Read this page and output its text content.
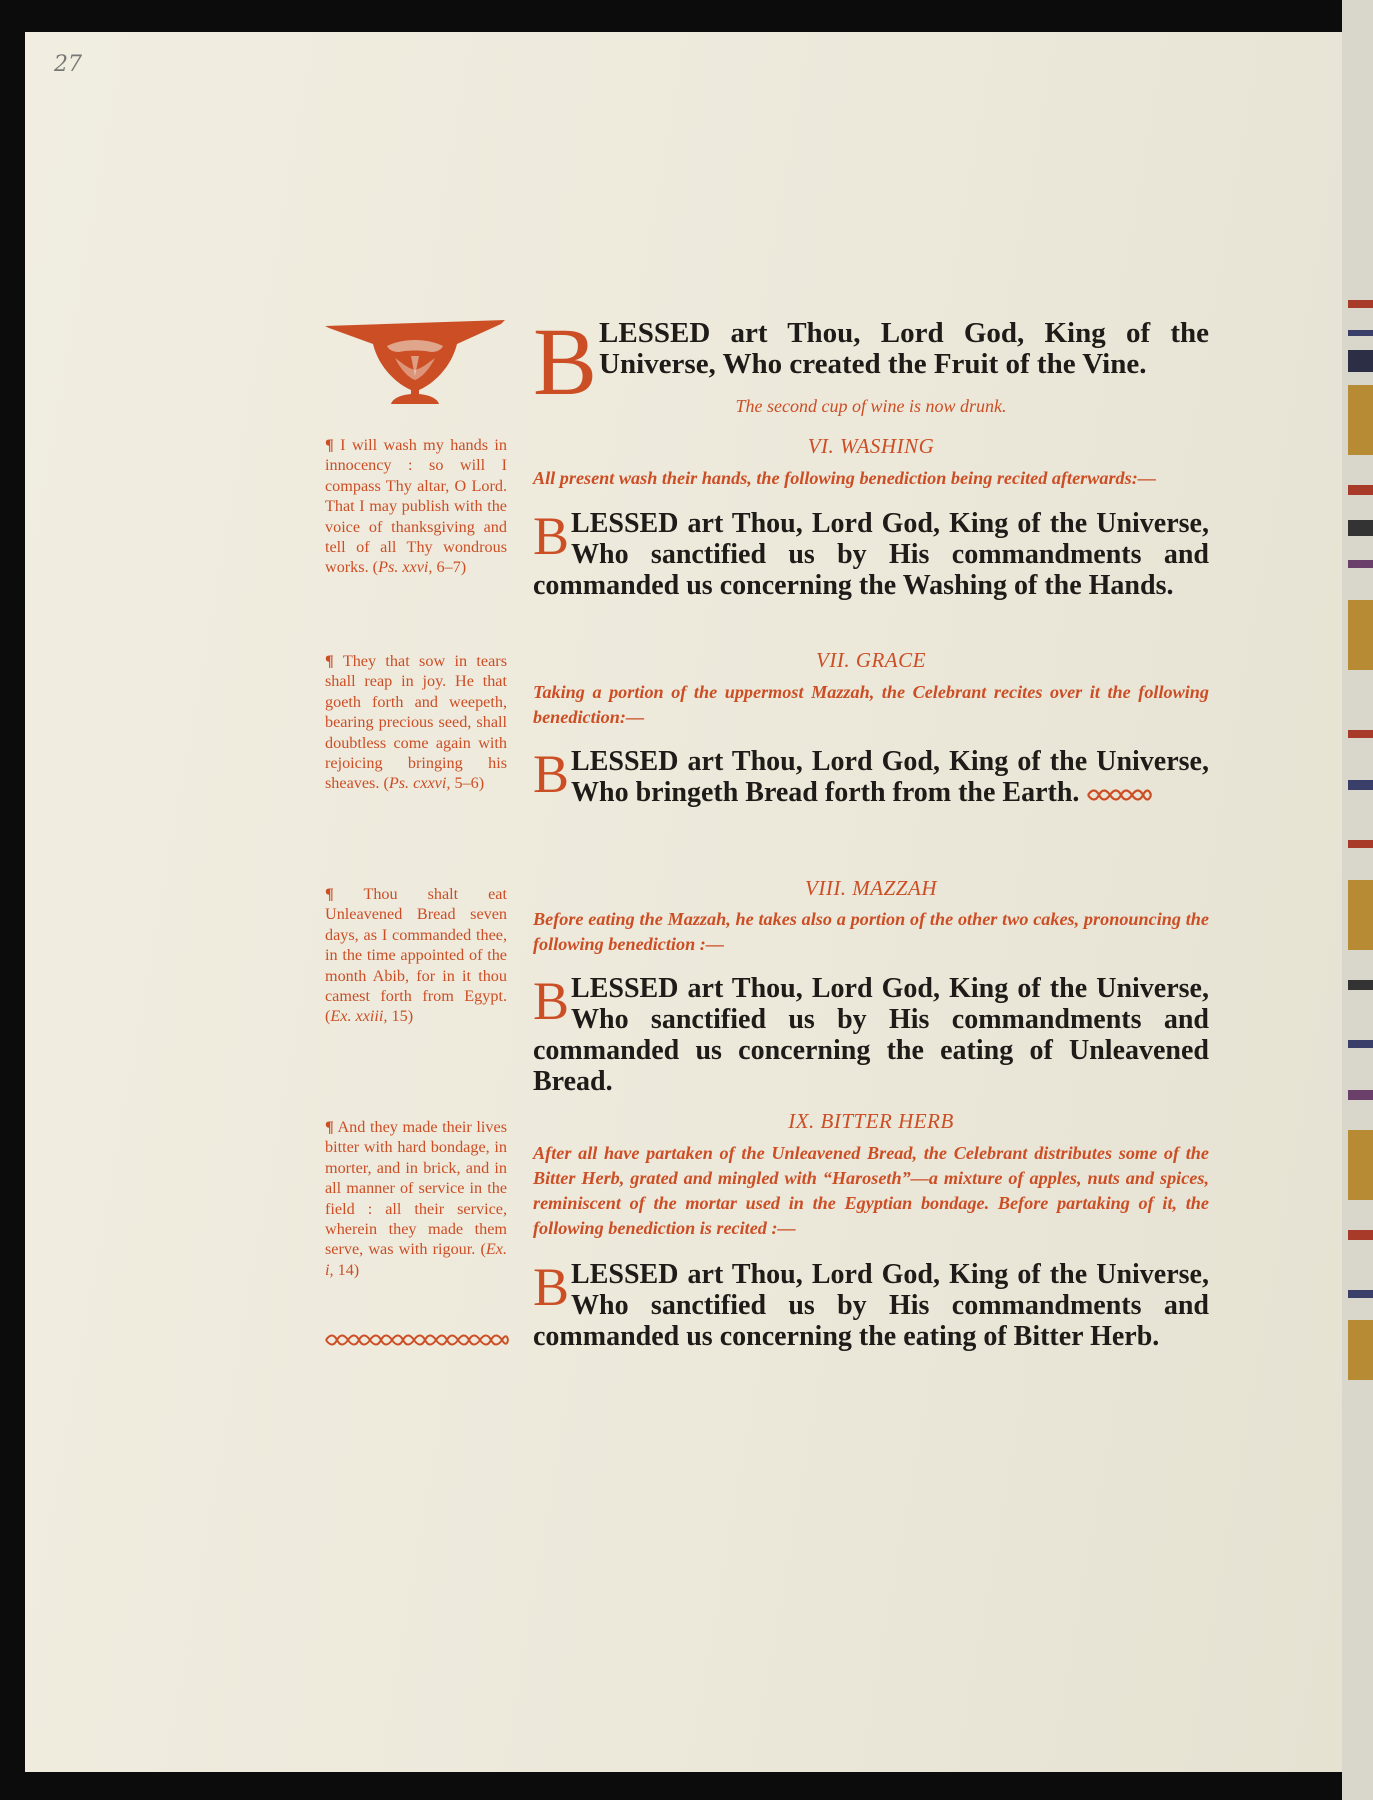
27

BLESSED art Thou, Lord God, King of the Universe, Who created the Fruit of the Vine.

The second cup of wine is now drunk.

VI. WASHING

All present wash their hands, the following benediction being recited afterwards:—

BLESSED art Thou, Lord God, King of the Universe, Who sanctified us by His commandments and commanded us concerning the Washing of the Hands.

VII. GRACE

Taking a portion of the uppermost Mazzah, the Celebrant recites over it the following benediction:—

BLESSED art Thou, Lord God, King of the Universe, Who bringeth Bread forth from the Earth.

VIII. MAZZAH

Before eating the Mazzah, he takes also a portion of the other two cakes, pronouncing the following benediction :—

BLESSED art Thou, Lord God, King of the Universe, Who sanctified us by His commandments and commanded us concerning the eating of Unleavened Bread.

IX. BITTER HERB

After all have partaken of the Unleavened Bread, the Celebrant distributes some of the Bitter Herb, grated and mingled with “Haroseth”—a mixture of apples, nuts and spices, reminiscent of the mortar used in the Egyptian bondage. Before partaking of it, the following benediction is recited :—

BLESSED art Thou, Lord God, King of the Universe, Who sanctified us by His commandments and commanded us concerning the eating of Bitter Herb.

¶ I will wash my hands in innocency : so will I compass Thy altar, O Lord. That I may publish with the voice of thanksgiving and tell of all Thy wondrous works. (Ps. xxvi, 6–7)

¶ They that sow in tears shall reap in joy. He that goeth forth and weepeth, bearing precious seed, shall doubtless come again with rejoicing bringing his sheaves. (Ps. cxxvi, 5–6)

¶ Thou shalt eat Unleavened Bread seven days, as I commanded thee, in the time appointed of the month Abib, for in it thou camest forth from Egypt. (Ex. xxiii, 15)

¶ And they made their lives bitter with hard bondage, in morter, and in brick, and in all manner of service in the field : all their service, wherein they made them serve, was with rigour. (Ex. i, 14)
